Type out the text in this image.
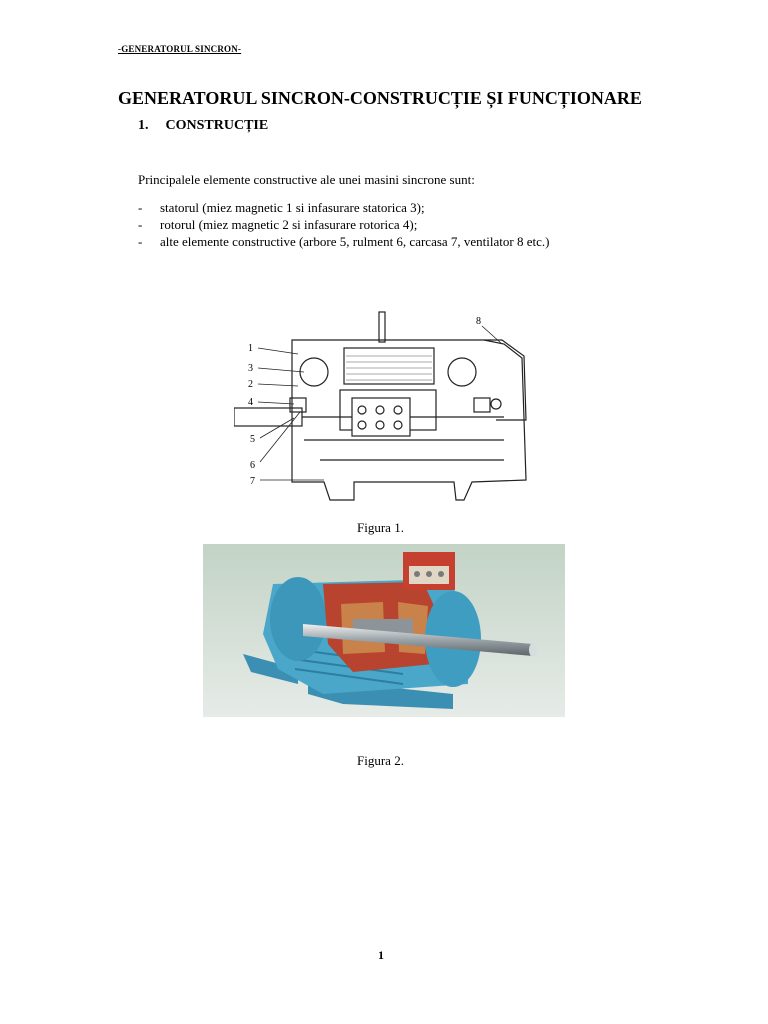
-GENERATORUL SINCRON-
GENERATORUL SINCRON-CONSTRUCȚIE ȘI FUNCȚIONARE
1. CONSTRUCȚIE
Principalele elemente constructive ale unei masini sincrone sunt:
- statorul (miez magnetic 1 si infasurare statorica 3);
- rotorul (miez magnetic 2 si infasurare rotorica 4);
- alte elemente constructive (arbore 5, rulment 6, carcasa 7, ventilator 8 etc.)
1
3
2
4
5
6
7
8
Figura 1.
Figura 2.
1
